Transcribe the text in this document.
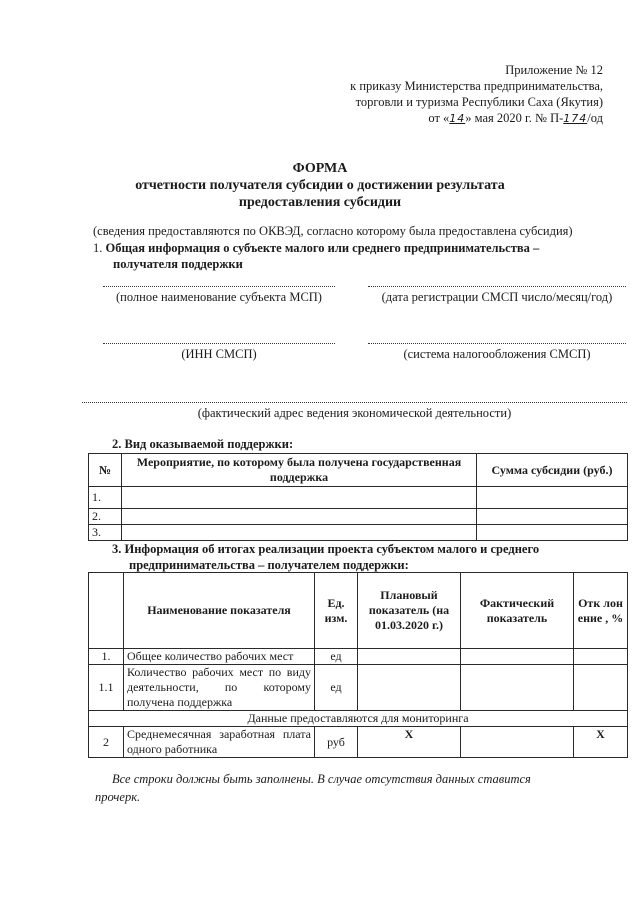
Приложение № 12
к приказу Министерства предпринимательства,
торговли и туризма Республики Саха (Якутия)
от «14» мая 2020 г. № П-174/од
ФОРМА
отчетности получателя субсидии о достижении результата
предоставления субсидии
(сведения предоставляются по ОКВЭД, согласно которому была предоставлена субсидия)
1. Общая информация о субъекте малого или среднего предпринимательства –
получателя поддержки
(полное наименование субъекта МСП)	(дата регистрации СМСП число/месяц/год)
(ИНН СМСП)	(система налогообложения СМСП)
(фактический адрес ведения экономической деятельности)
2. Вид оказываемой поддержки:
№	Мероприятие, по которому была получена государственная поддержка	Сумма субсидии (руб.)
1.		
2.		
3.		
3. Информация об итогах реализации проекта субъектом малого и среднего
предпринимательства – получателем поддержки:
	Наименование показателя	Ед. изм.	Плановый показатель (на 01.03.2020 г.)	Фактический показатель	Отк лон ение , %
1.	Общее количество рабочих мест	ед			
1.1	Количество рабочих мест по виду деятельности, по которому получена поддержка	ед			
Данные предоставляются для мониторинга					
2	Среднемесячная заработная плата одного работника	руб	Х		Х
Все строки должны быть заполнены. В случае отсутствия данных ставится
прочерк.
